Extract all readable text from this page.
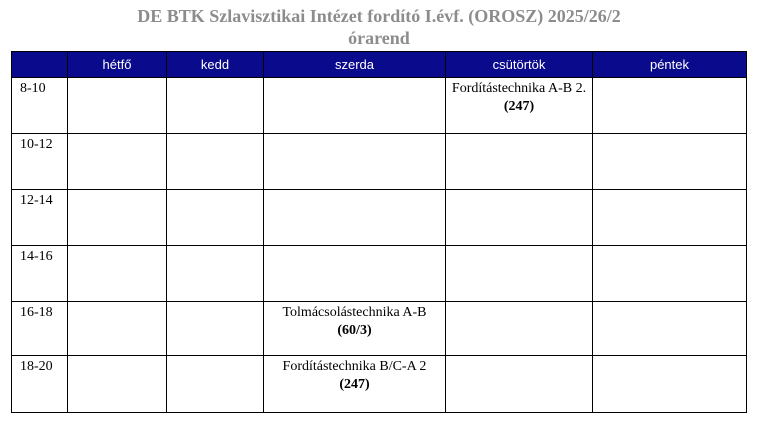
DE BTK Szlavisztikai Intézet fordító I.évf. (OROSZ) 2025/26/2
órarend
	hétfő	kedd	szerda	csütörtök	péntek
8-10				Fordítástechnika A-B 2. (247)	
10-12					
12-14					
14-16					
16-18			Tolmácsolástechnika A-B (60/3)		
18-20			Fordítástechnika B/C-A 2 (247)		
